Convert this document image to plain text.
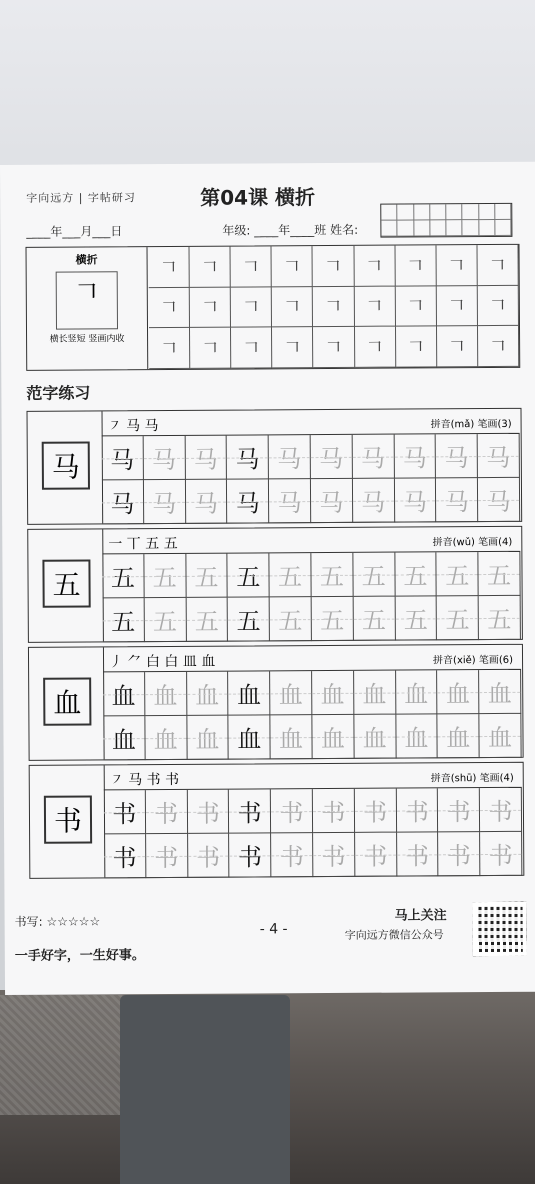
字向远方 | 字帖研习	第04课 横折
____年___月___日	年级: ____年____班 姓名:
横折
𠃍
横长竖短 竖画内收
𠃍	𠃍	𠃍	𠃍	𠃍	𠃍	𠃍	𠃍	𠃍
𠃍	𠃍	𠃍	𠃍	𠃍	𠃍	𠃍	𠃍	𠃍
𠃍	𠃍	𠃍	𠃍	𠃍	𠃍	𠃍	𠃍	𠃍
范字练习
马
㇇ 马 马	拼音(mǎ) 笔画(3)
马 马 马 马 马 马 马 马 马 马
马 马 马 马 马 马 马 马 马 马
五
一 丅 五 五	拼音(wǔ) 笔画(4)
五 五 五 五 五 五 五 五 五 五
五 五 五 五 五 五 五 五 五 五
血
丿 ⺈ 白 白 皿 血	拼音(xiě) 笔画(6)
血 血 血 血 血 血 血 血 血 血
血 血 血 血 血 血 血 血 血 血
书
㇇ 马 书 书	拼音(shū) 笔画(4)
书 书 书 书 书 书 书 书 书 书
书 书 书 书 书 书 书 书 书 书
书写: ☆☆☆☆☆
一手好字，一生好事。
- 4 -
马上关注
字向远方微信公众号
